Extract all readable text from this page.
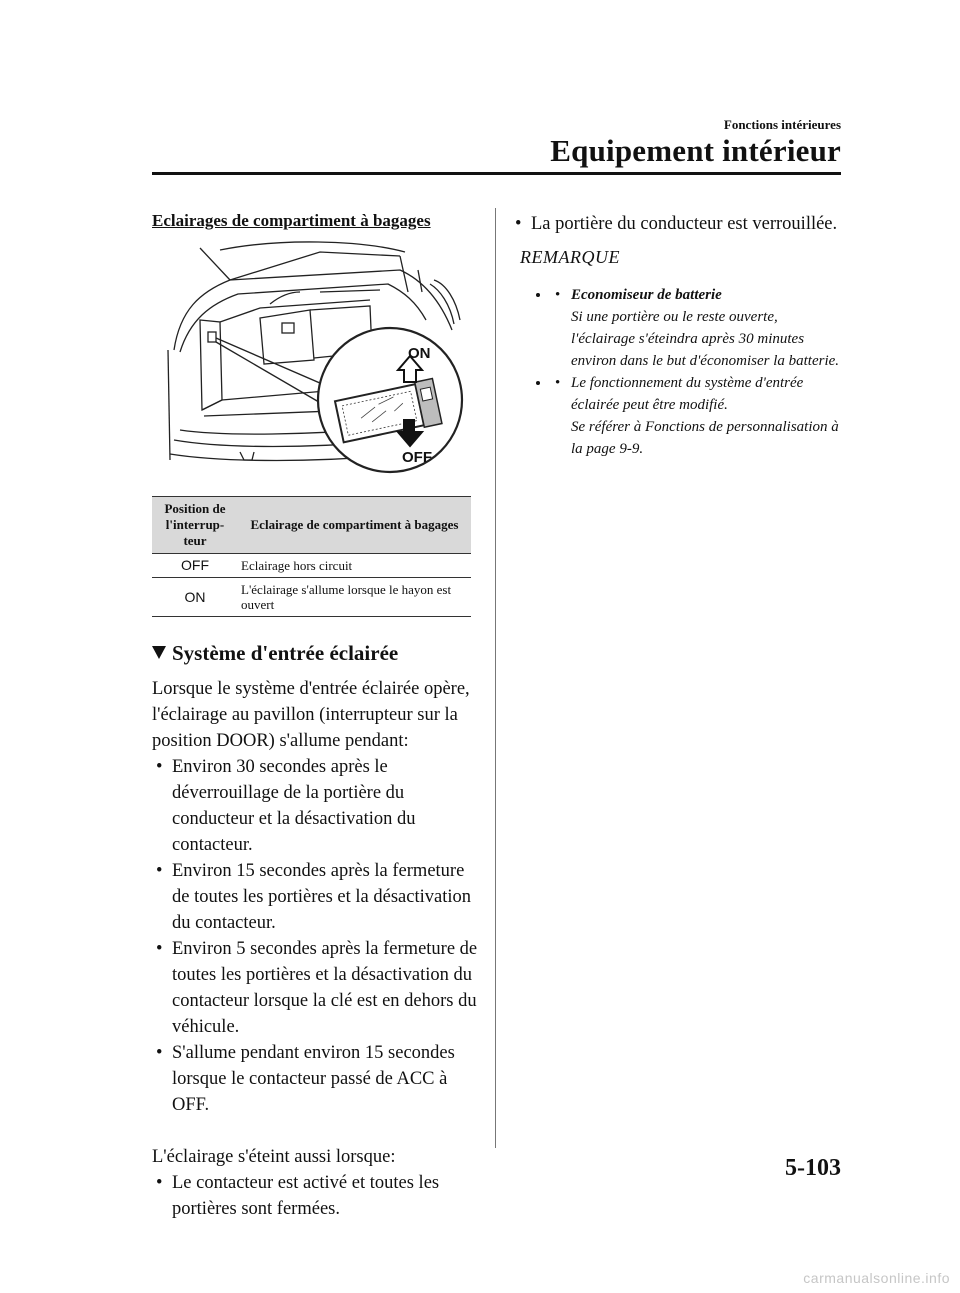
Fonctions intérieures
Equipement intérieur
Eclairages de compartiment à bagages
ON
OFF
Position de l'interrup-teur	Eclairage de compartiment à bagages
OFF	Eclairage hors circuit
ON	L'éclairage s'allume lorsque le hayon est ouvert
Système d'entrée éclairée

Lorsque le système d'entrée éclairée opère, l'éclairage au pavillon (interrupteur sur la position DOOR) s'allume pendant:

• Environ 30 secondes après le déverrouillage de la portière du conducteur et la désactivation du contacteur.
• Environ 15 secondes après la fermeture de toutes les portières et la désactivation du contacteur.
• Environ 5 secondes après la fermeture de toutes les portières et la désactivation du contacteur lorsque la clé est en dehors du véhicule.
• S'allume pendant environ 15 secondes lorsque le contacteur passé de ACC à OFF.

L'éclairage s'éteint aussi lorsque:

• Le contacteur est activé et toutes les portières sont fermées.
• La portière du conducteur est verrouillée.
REMARQUE
• • Economiseur de batterie
Si une portière ou le reste ouverte, l'éclairage s'éteindra après 30 minutes environ dans le but d'économiser la batterie.
• • Le fonctionnement du système d'entrée éclairée peut être modifié.
Se référer à Fonctions de personnalisation à la page 9-9.
5-103
carmanualsonline.info
